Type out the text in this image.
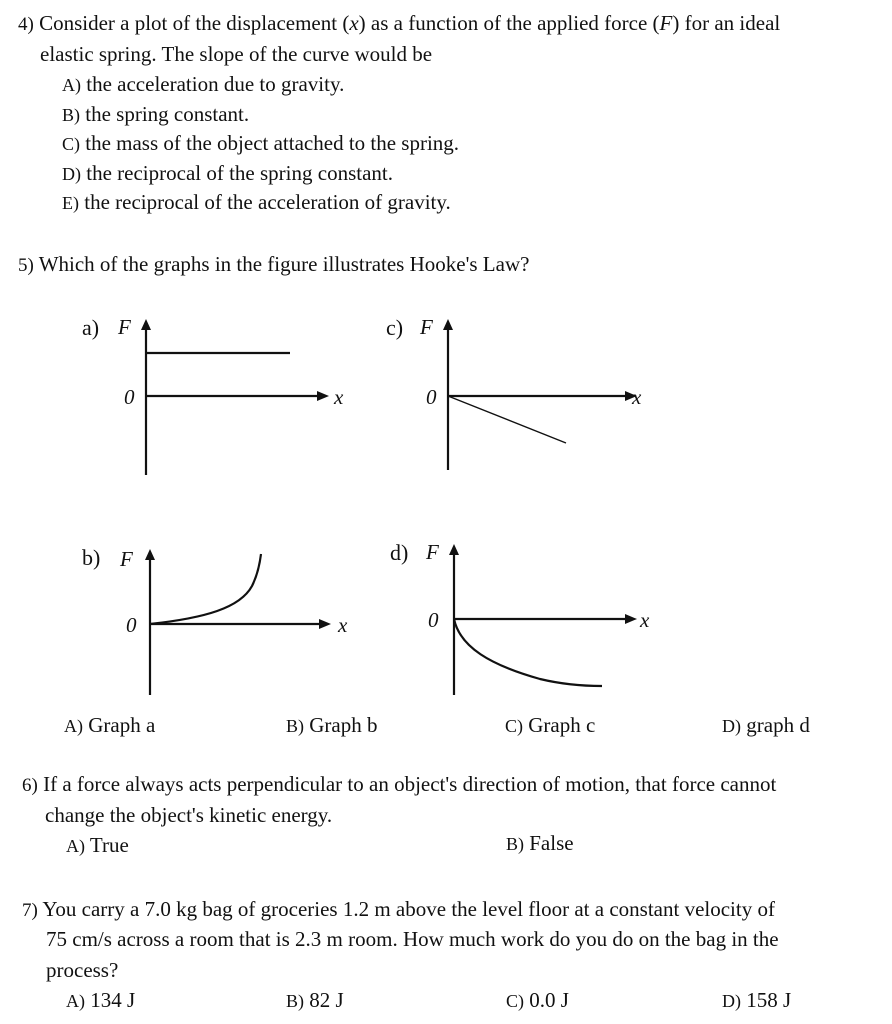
4) Consider a plot of the displacement (x) as a function of the applied force (F) for an ideal
elastic spring. The slope of the curve would be
A) the acceleration due to gravity.
B) the spring constant.
C) the mass of the object attached to the spring.
D) the reciprocal of the spring constant.
E) the reciprocal of the acceleration of gravity.
5) Which of the graphs in the figure illustrates Hooke's Law?
a) F
0	x
c) F
0	x
b) F
0	x
d) F
0	x
A) Graph a	B) Graph b	C) Graph c	D) graph d
6) If a force always acts perpendicular to an object's direction of motion, that force cannot
change the object's kinetic energy.
A) True	B) False
7) You carry a 7.0 kg bag of groceries 1.2 m above the level floor at a constant velocity of
75 cm/s across a room that is 2.3 m room. How much work do you do on the bag in the
process?
A) 134 J	B) 82 J	C) 0.0 J	D) 158 J
